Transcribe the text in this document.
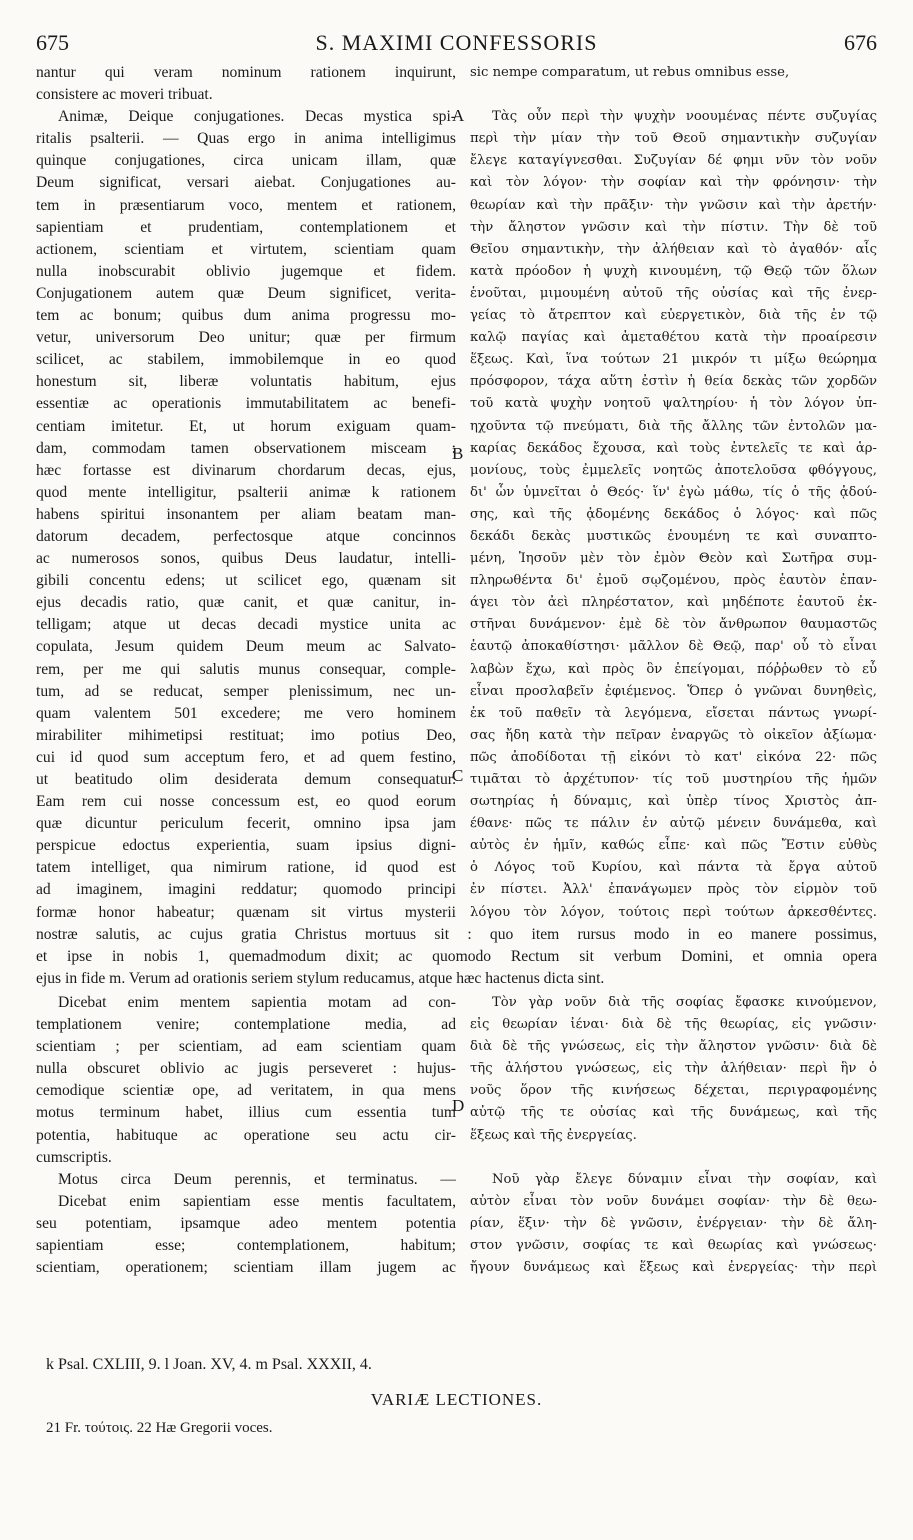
675	S. MAXIMI CONFESSORIS	676
nantur qui veram nominum rationem inquirunt,
consistere ac moveri tribuat.
Animæ, Deique conjugationes. Decas mystica spi-
ritalis psalterii. — Quas ergo in anima intelligimus
quinque conjugationes, circa unicam illam, quæ
Deum significat, versari aiebat. Conjugationes au-
tem in præsentiarum voco, mentem et rationem,
sapientiam et prudentiam, contemplationem et
actionem, scientiam et virtutem, scientiam quam
nulla inobscurabit oblivio jugemque et fidem.
Conjugationem autem quæ Deum significet, verita-
tem ac bonum; quibus dum anima progressu mo-
vetur, universorum Deo unitur; quæ per firmum
scilicet, ac stabilem, immobilemque in eo quod
honestum sit, liberæ voluntatis habitum, ejus
essentiæ ac operationis immutabilitatem ac benefi-
centiam imitetur. Et, ut horum exiguam quam-
dam, commodam tamen observationem misceam :
hæc fortasse est divinarum chordarum decas, ejus,
quod mente intelligitur, psalterii animæ k rationem
habens spiritui insonantem per aliam beatam man-
datorum decadem, perfectosque atque concinnos
ac numerosos sonos, quibus Deus laudatur, intelli-
gibili concentu edens; ut scilicet ego, quænam sit
ejus decadis ratio, quæ canit, et quæ canitur, in-
telligam; atque ut decas decadi mystice unita ac
copulata, Jesum quidem Deum meum ac Salvato-
rem, per me qui salutis munus consequar, comple-
tum, ad se reducat, semper plenissimum, nec un-
quam valentem 501 excedere; me vero hominem
mirabiliter mihimetipsi restituat; imo potius Deo,
cui id quod sum acceptum fero, et ad quem festino,
ut beatitudo olim desiderata demum consequatur.
Eam rem cui nosse concessum est, eo quod eorum
quæ dicuntur periculum fecerit, omnino ipsa jam
perspicue edoctus experientia, suam ipsius digni-
tatem intelliget, qua nimirum ratione, id quod est
ad imaginem, imagini reddatur; quomodo principi
formæ honor habeatur; quænam sit virtus mysterii
sic nempe comparatum, ut rebus omnibus esse,
Τὰς οὖν περὶ τὴν ψυχὴν νοουμένας πέντε συζυγίας
περὶ τὴν μίαν τὴν τοῦ Θεοῦ σημαντικὴν συζυγίαν
ἔλεγε καταγίγνεσθαι. Συζυγίαν δέ φημι νῦν τὸν νοῦν
καὶ τὸν λόγον· τὴν σοφίαν καὶ τὴν φρόνησιν· τὴν
θεωρίαν καὶ τὴν πρᾶξιν· τὴν γνῶσιν καὶ τὴν ἀρετήν·
τὴν ἄληστον γνῶσιν καὶ τὴν πίστιν. Τὴν δὲ τοῦ
Θεῖου σημαντικὴν, τὴν ἀλήθειαν καὶ τὸ ἀγαθόν· αἷς
κατὰ πρόοδον ἡ ψυχὴ κινουμένη, τῷ Θεῷ τῶν ὅλων
ἑνοῦται, μιμουμένη αὐτοῦ τῆς οὐσίας καὶ τῆς ἐνερ-
γείας τὸ ἄτρεπτον καὶ εὐεργετικὸν, διὰ τῆς ἐν τῷ
καλῷ παγίας καὶ ἀμεταθέτου κατὰ τὴν προαίρεσιν
ἕξεως. Καὶ, ἵνα τούτων 21 μικρόν τι μίξω θεώρημα
πρόσφορον, τάχα αὕτη ἐστὶν ἡ θεία δεκὰς τῶν χορδῶν
τοῦ κατὰ ψυχὴν νοητοῦ ψαλτηρίου· ἡ τὸν λόγον ὑπ-
ηχοῦντα τῷ πνεύματι, διὰ τῆς ἄλλης τῶν ἐντολῶν μα-
καρίας δεκάδος ἔχουσα, καὶ τοὺς ἐντελεῖς τε καὶ ἁρ-
μονίους, τοὺς ἐμμελεῖς νοητῶς ἀποτελοῦσα φθόγγους,
δι' ὧν ὑμνεῖται ὁ Θεός· ἵν' ἐγὼ μάθω, τίς ὁ τῆς ᾀδού-
σης, καὶ τῆς ᾀδομένης δεκάδος ὁ λόγος· καὶ πῶς
δεκάδι δεκὰς μυστικῶς ἑνουμένη τε καὶ συναπτο-
μένη, Ἰησοῦν μὲν τὸν ἐμὸν Θεὸν καὶ Σωτῆρα συμ-
πληρωθέντα δι' ἐμοῦ σῳζομένου, πρὸς ἑαυτὸν ἐπαν-
άγει τὸν ἀεὶ πληρέστατον, καὶ μηδέποτε ἑαυτοῦ ἐκ-
στῆναι δυνάμενον· ἐμὲ δὲ τὸν ἄνθρωπον θαυμαστῶς
ἑαυτῷ ἀποκαθίστησι· μᾶλλον δὲ Θεῷ, παρ' οὗ τὸ εἶναι
λαβὼν ἔχω, καὶ πρὸς ὃν ἐπείγομαι, πόῤῥωθεν τὸ εὖ
εἶναι προσλαβεῖν ἐφιέμενος. Ὅπερ ὁ γνῶναι δυνηθεὶς,
ἐκ τοῦ παθεῖν τὰ λεγόμενα, εἴσεται πάντως γνωρί-
σας ἤδη κατὰ τὴν πεῖραν ἐναργῶς τὸ οἰκεῖον ἀξίωμα·
πῶς ἀποδίδοται τῇ εἰκόνι τὸ κατ' εἰκόνα 22· πῶς
τιμᾶται τὸ ἀρχέτυπον· τίς τοῦ μυστηρίου τῆς ἡμῶν
σωτηρίας ἡ δύναμις, καὶ ὑπὲρ τίνος Χριστὸς ἀπ-
έθανε· πῶς τε πάλιν ἐν αὐτῷ μένειν δυνάμεθα, καὶ
αὐτὸς ἐν ἡμῖν, καθώς εἶπε· καὶ πῶς Ἔστιν εὐθὺς
ὁ Λόγος τοῦ Κυρίου, καὶ πάντα τὰ ἔργα αὐτοῦ
ἐν πίστει. Ἀλλ' ἐπανάγωμεν πρὸς τὸν εἱρμὸν τοῦ
λόγου τὸν λόγον, τούτοις περὶ τούτων ἀρκεσθέντες.
nostræ salutis, ac cujus gratia Christus mortuus sit : quo item rursus modo in eo manere possimus,
et ipse in nobis 1, quemadmodum dixit; ac quomodo Rectum sit verbum Domini, et omnia opera
ejus in fide m. Verum ad orationis seriem stylum reducamus, atque hæc hactenus dicta sint.
Dicebat enim mentem sapientia motam ad con-
templationem venire; contemplatione media, ad
scientiam ; per scientiam, ad eam scientiam quam
nulla obscuret oblivio ac jugis perseveret : hujus-
cemodique scientiæ ope, ad veritatem, in qua mens
motus terminum habet, illius cum essentia tum
potentia, habituque ac operatione seu actu cir-
cumscriptis.
Motus circa Deum perennis, et terminatus. —
Dicebat enim sapientiam esse mentis facultatem,
seu potentiam, ipsamque adeo mentem potentia
sapientiam esse; contemplationem, habitum;
scientiam, operationem; scientiam illam jugem ac
Τὸν γὰρ νοῦν διὰ τῆς σοφίας ἔφασκε κινούμενον,
εἰς θεωρίαν ἰέναι· διὰ δὲ τῆς θεωρίας, εἰς γνῶσιν·
διὰ δὲ τῆς γνώσεως, εἰς τὴν ἄληστον γνῶσιν· διὰ δὲ
τῆς ἀλήστου γνώσεως, εἰς τὴν ἀλήθειαν· περὶ ἣν ὁ
νοῦς ὅρον τῆς κινήσεως δέχεται, περιγραφομένης
αὐτῷ τῆς τε οὐσίας καὶ τῆς δυνάμεως, καὶ τῆς
ἕξεως καὶ τῆς ἐνεργείας.
Νοῦ γὰρ ἔλεγε δύναμιν εἶναι τὴν σοφίαν, καὶ
αὐτὸν εἶναι τὸν νοῦν δυνάμει σοφίαν· τὴν δὲ θεω-
ρίαν, ἕξιν· τὴν δὲ γνῶσιν, ἐνέργειαν· τὴν δὲ ἄλη-
στον γνῶσιν, σοφίας τε καὶ θεωρίας καὶ γνώσεως·
ἤγουν δυνάμεως καὶ ἕξεως καὶ ἐνεργείας· τὴν περὶ
A
B
C
D
k Psal. CXLIII, 9. l Joan. XV, 4. m Psal. XXXII, 4.
VARIÆ LECTIONES.
21 Fr. τούτοις. 22 Hæ Gregorii voces.
